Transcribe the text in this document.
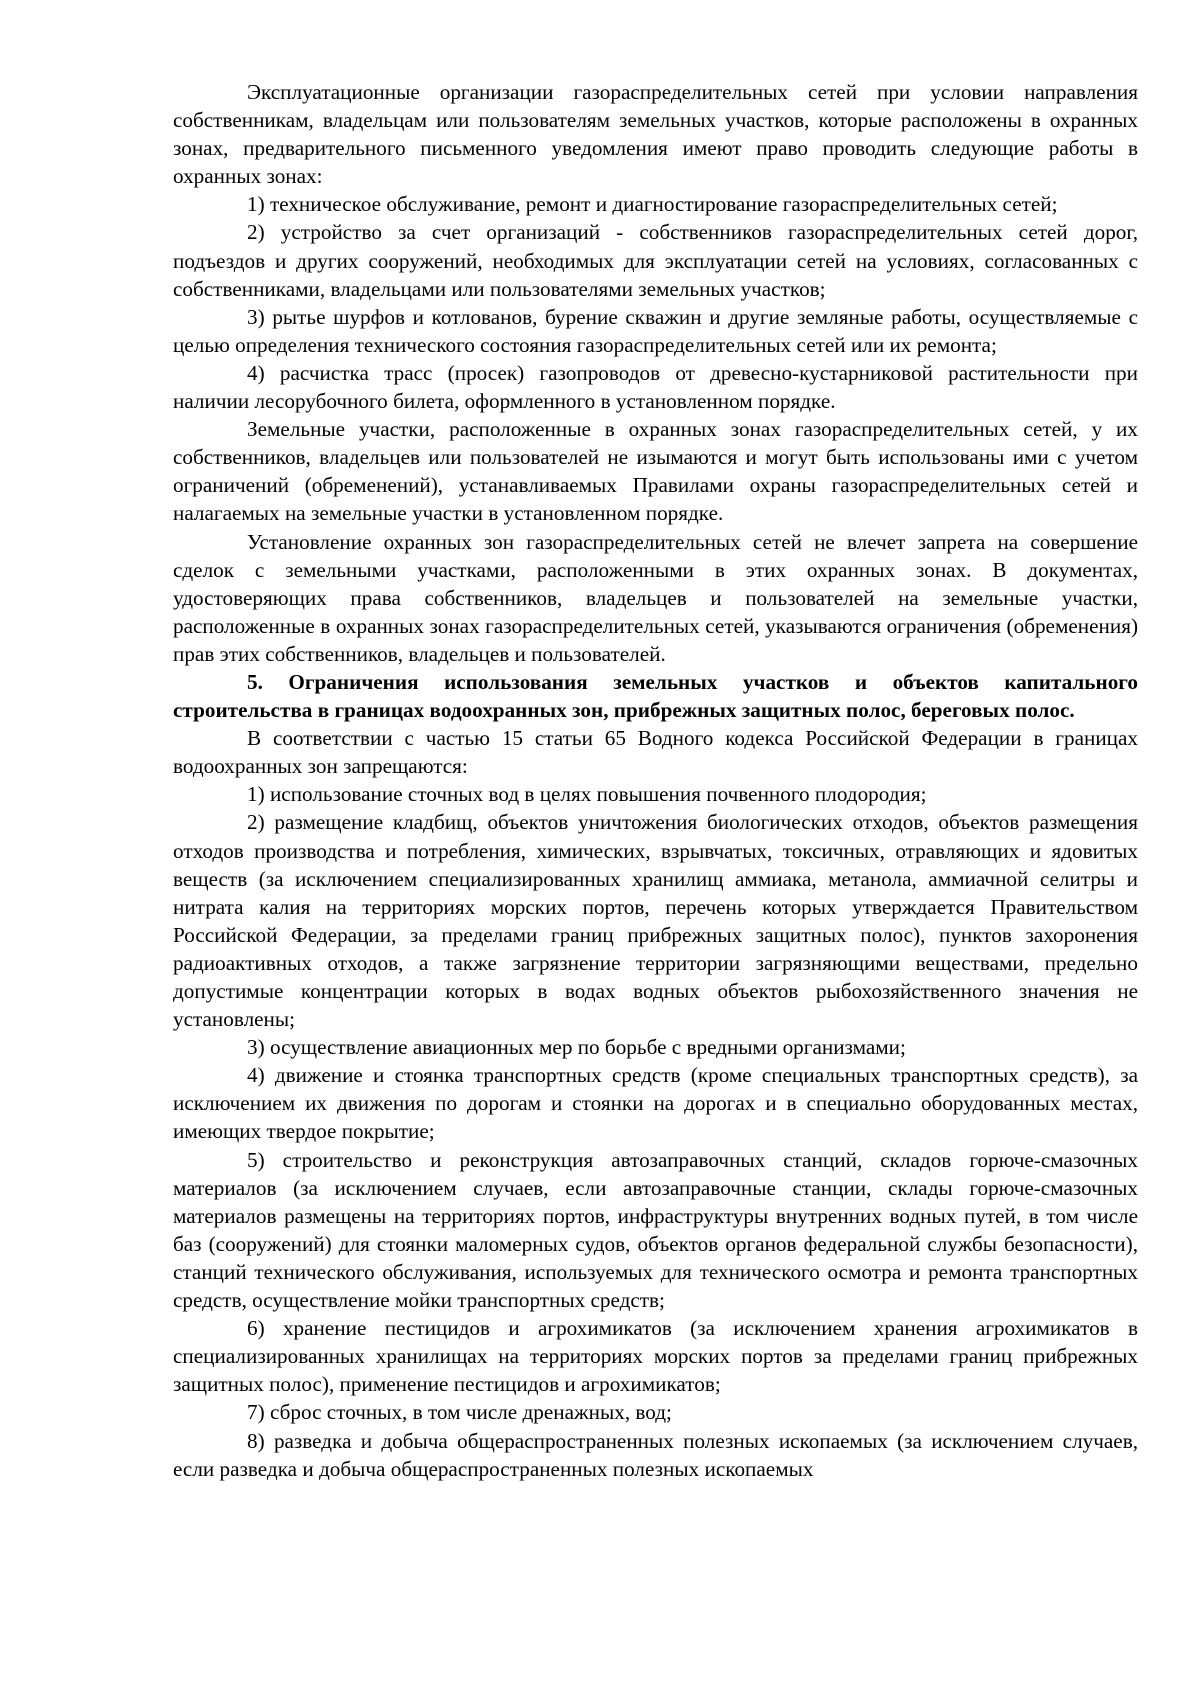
Эксплуатационные организации газораспределительных сетей при условии направления собственникам, владельцам или пользователям земельных участков, которые расположены в охранных зонах, предварительного письменного уведомления имеют право проводить следующие работы в охранных зонах:

1) техническое обслуживание, ремонт и диагностирование газораспределительных сетей;

2) устройство за счет организаций - собственников газораспределительных сетей дорог, подъездов и других сооружений, необходимых для эксплуатации сетей на условиях, согласованных с собственниками, владельцами или пользователями земельных участков;

3) рытье шурфов и котлованов, бурение скважин и другие земляные работы, осуществляемые с целью определения технического состояния газораспределительных сетей или их ремонта;

4) расчистка трасс (просек) газопроводов от древесно-кустарниковой растительности при наличии лесорубочного билета, оформленного в установленном порядке.

Земельные участки, расположенные в охранных зонах газораспределительных сетей, у их собственников, владельцев или пользователей не изымаются и могут быть использованы ими с учетом ограничений (обременений), устанавливаемых Правилами охраны газораспределительных сетей и налагаемых на земельные участки в установленном порядке.

Установление охранных зон газораспределительных сетей не влечет запрета на совершение сделок с земельными участками, расположенными в этих охранных зонах. В документах, удостоверяющих права собственников, владельцев и пользователей на земельные участки, расположенные в охранных зонах газораспределительных сетей, указываются ограничения (обременения) прав этих собственников, владельцев и пользователей.

5. Ограничения использования земельных участков и объектов капитального строительства в границах водоохранных зон, прибрежных защитных полос, береговых полос.

В соответствии с частью 15 статьи 65 Водного кодекса Российской Федерации в границах водоохранных зон запрещаются:

1) использование сточных вод в целях повышения почвенного плодородия;

2) размещение кладбищ, объектов уничтожения биологических отходов, объектов размещения отходов производства и потребления, химических, взрывчатых, токсичных, отравляющих и ядовитых веществ (за исключением специализированных хранилищ аммиака, метанола, аммиачной селитры и нитрата калия на территориях морских портов, перечень которых утверждается Правительством Российской Федерации, за пределами границ прибрежных защитных полос), пунктов захоронения радиоактивных отходов, а также загрязнение территории загрязняющими веществами, предельно допустимые концентрации которых в водах водных объектов рыбохозяйственного значения не установлены;

3) осуществление авиационных мер по борьбе с вредными организмами;

4) движение и стоянка транспортных средств (кроме специальных транспортных средств), за исключением их движения по дорогам и стоянки на дорогах и в специально оборудованных местах, имеющих твердое покрытие;

5) строительство и реконструкция автозаправочных станций, складов горюче-смазочных материалов (за исключением случаев, если автозаправочные станции, склады горюче-смазочных материалов размещены на территориях портов, инфраструктуры внутренних водных путей, в том числе баз (сооружений) для стоянки маломерных судов, объектов органов федеральной службы безопасности), станций технического обслуживания, используемых для технического осмотра и ремонта транспортных средств, осуществление мойки транспортных средств;

6) хранение пестицидов и агрохимикатов (за исключением хранения агрохимикатов в специализированных хранилищах на территориях морских портов за пределами границ прибрежных защитных полос), применение пестицидов и агрохимикатов;

7) сброс сточных, в том числе дренажных, вод;

8) разведка и добыча общераспространенных полезных ископаемых (за исключением случаев, если разведка и добыча общераспространенных полезных ископаемых
